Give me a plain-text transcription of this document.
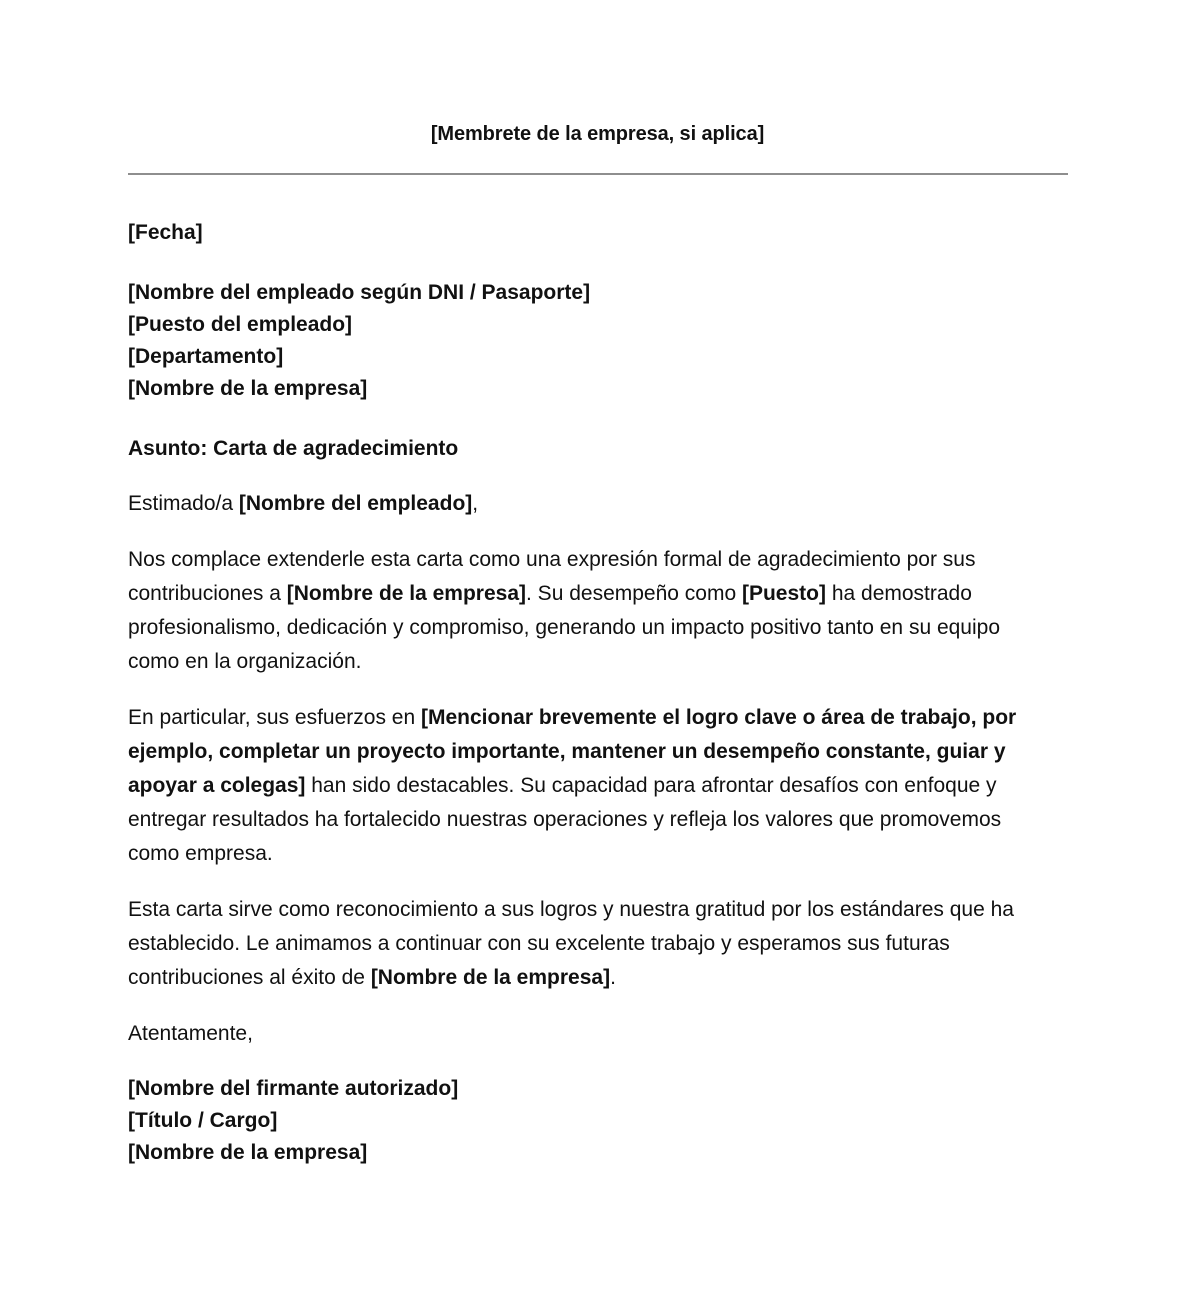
[Membrete de la empresa, si aplica]
[Fecha]
[Nombre del empleado según DNI / Pasaporte]
[Puesto del empleado]
[Departamento]
[Nombre de la empresa]
Asunto: Carta de agradecimiento

Estimado/a [Nombre del empleado],

Nos complace extenderle esta carta como una expresión formal de agradecimiento por sus contribuciones a [Nombre de la empresa]. Su desempeño como [Puesto] ha demostrado profesionalismo, dedicación y compromiso, generando un impacto positivo tanto en su equipo como en la organización.

En particular, sus esfuerzos en [Mencionar brevemente el logro clave o área de trabajo, por ejemplo, completar un proyecto importante, mantener un desempeño constante, guiar y apoyar a colegas] han sido destacables. Su capacidad para afrontar desafíos con enfoque y entregar resultados ha fortalecido nuestras operaciones y refleja los valores que promovemos como empresa.

Esta carta sirve como reconocimiento a sus logros y nuestra gratitud por los estándares que ha establecido. Le animamos a continuar con su excelente trabajo y esperamos sus futuras contribuciones al éxito de [Nombre de la empresa].

Atentamente,

[Nombre del firmante autorizado]
[Título / Cargo]
[Nombre de la empresa]
